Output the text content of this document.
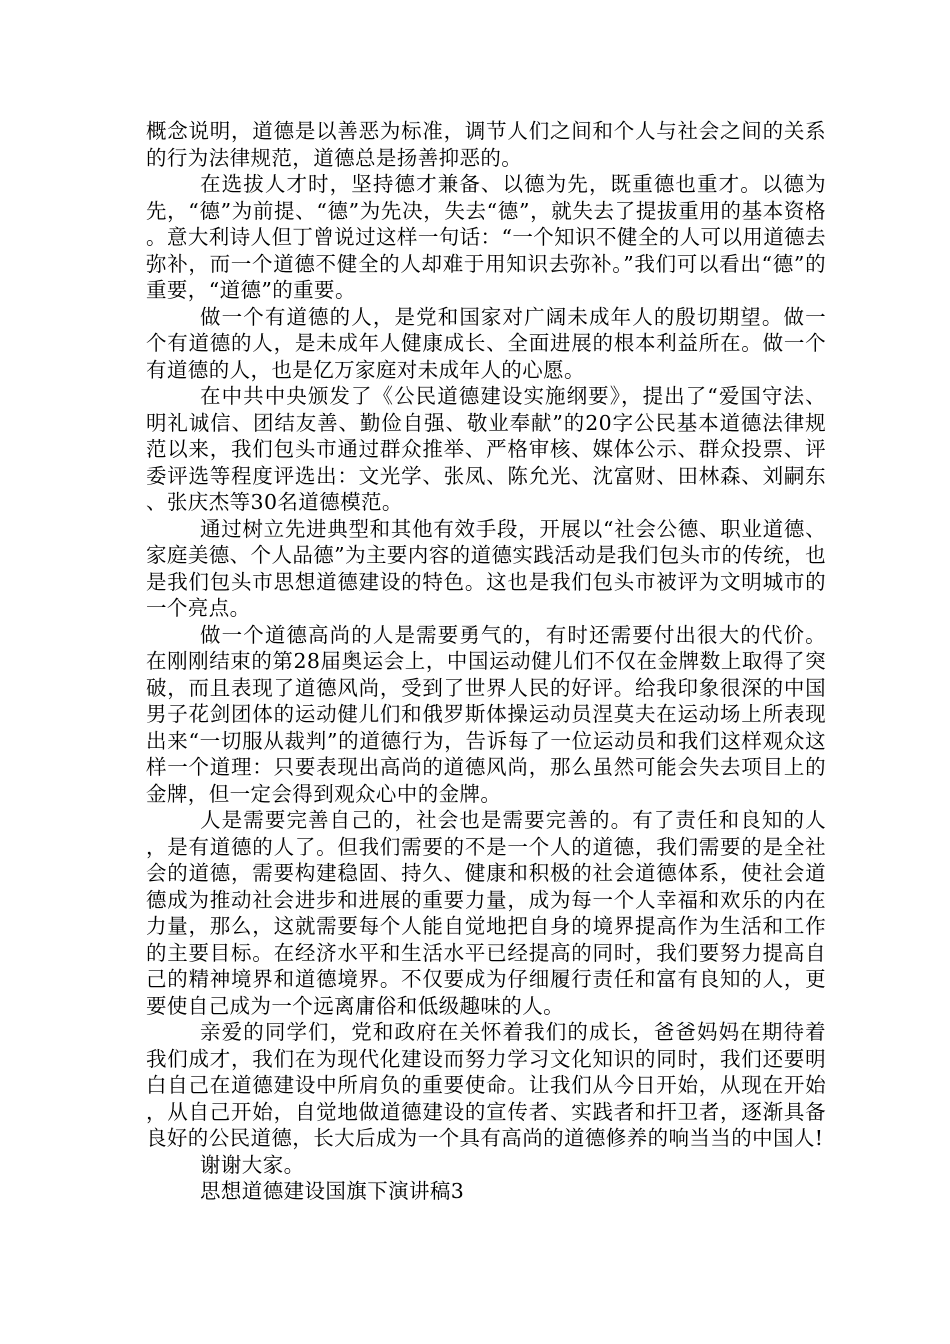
概念说明，道德是以善恶为标准，调节人们之间和个人与社会之间的关系的行为法律规范，道德总是扬善抑恶的。

在选拔人才时，坚持德才兼备、以德为先，既重德也重才。以德为先，“德”为前提、“德”为先决，失去“德”，就失去了提拔重用的基本资格。意大利诗人但丁曾说过这样一句话：“一个知识不健全的人可以用道德去弥补，而一个道德不健全的人却难于用知识去弥补。”我们可以看出“德”的重要，“道德”的重要。

做一个有道德的人，是党和国家对广阔未成年人的殷切期望。做一个有道德的人，是未成年人健康成长、全面进展的根本利益所在。做一个有道德的人，也是亿万家庭对未成年人的心愿。

在中共中央颁发了《公民道德建设实施纲要》，提出了“爱国守法、明礼诚信、团结友善、勤俭自强、敬业奉献”的20字公民基本道德法律规范以来，我们包头市通过群众推举、严格审核、媒体公示、群众投票、评委评选等程度评选出：文光学、张凤、陈允光、沈富财、田林森、刘嗣东、张庆杰等30名道德模范。

通过树立先进典型和其他有效手段，开展以“社会公德、职业道德、家庭美德、个人品德”为主要内容的道德实践活动是我们包头市的传统，也是我们包头市思想道德建设的特色。这也是我们包头市被评为文明城市的一个亮点。

做一个道德高尚的人是需要勇气的，有时还需要付出很大的代价。在刚刚结束的第28届奥运会上，中国运动健儿们不仅在金牌数上取得了突破，而且表现了道德风尚，受到了世界人民的好评。给我印象很深的中国男子花剑团体的运动健儿们和俄罗斯体操运动员涅莫夫在运动场上所表现出来“一切服从裁判”的道德行为，告诉每了一位运动员和我们这样观众这样一个道理：只要表现出高尚的道德风尚，那么虽然可能会失去项目上的金牌，但一定会得到观众心中的金牌。

人是需要完善自己的，社会也是需要完善的。有了责任和良知的人，是有道德的人了。但我们需要的不是一个人的道德，我们需要的是全社会的道德，需要构建稳固、持久、健康和积极的社会道德体系，使社会道德成为推动社会进步和进展的重要力量，成为每一个人幸福和欢乐的内在力量，那么，这就需要每个人能自觉地把自身的境界提高作为生活和工作的主要目标。在经济水平和生活水平已经提高的同时，我们要努力提高自己的精神境界和道德境界。不仅要成为仔细履行责任和富有良知的人，更要使自己成为一个远离庸俗和低级趣味的人。

亲爱的同学们，党和政府在关怀着我们的成长，爸爸妈妈在期待着我们成才，我们在为现代化建设而努力学习文化知识的同时，我们还要明白自己在道德建设中所肩负的重要使命。让我们从今日开始，从现在开始，从自己开始，自觉地做道德建设的宣传者、实践者和扞卫者，逐渐具备良好的公民道德，长大后成为一个具有高尚的道德修养的响当当的中国人!

谢谢大家。

思想道德建设国旗下演讲稿3
